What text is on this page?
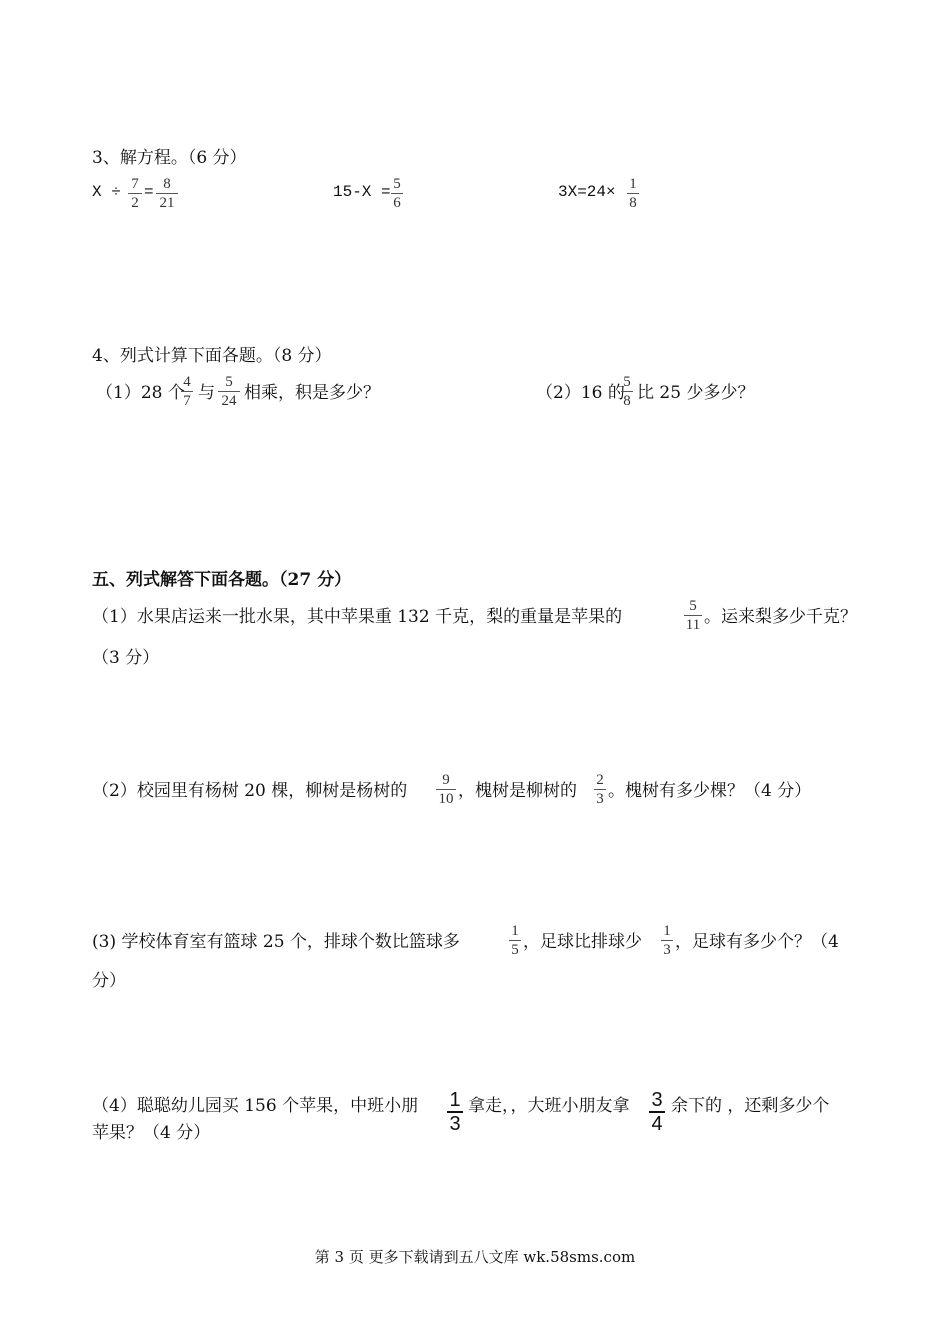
3、解方程。（6 分）
X ÷ 7
2
= 8
21
15-X = 5
6
3X=24× 1
8
4、列式计算下面各题。（8 分）
（1）28 个
4
7 与
5
24 相乘，积是多少？	（2）16 的
5
8 比 25 少多少？
五、列式解答下面各题。（27 分）
（1）水果店运来一批水果，其中苹果重 132 千克，梨的重量是苹果的
5
11 。运来梨多少千克？
（3 分）
（2）校园里有杨树 20 棵，柳树是杨树的
9
10 ，槐树是柳树的
2
3 。槐树有多少棵？（4 分）
(3) 学校体育室有篮球 25 个，排球个数比篮球多
1
5 ，足球比排球少
1
3 ，足球有多少个？（4
分）
（4）聪聪幼儿园买 156 个苹果，中班小朋 1
3
拿走，，大班小朋友拿 3
4
余下的 ，还剩多少个
苹果？（4 分）
第 3 页 更多下载请到五八文库 wk.58sms.com
